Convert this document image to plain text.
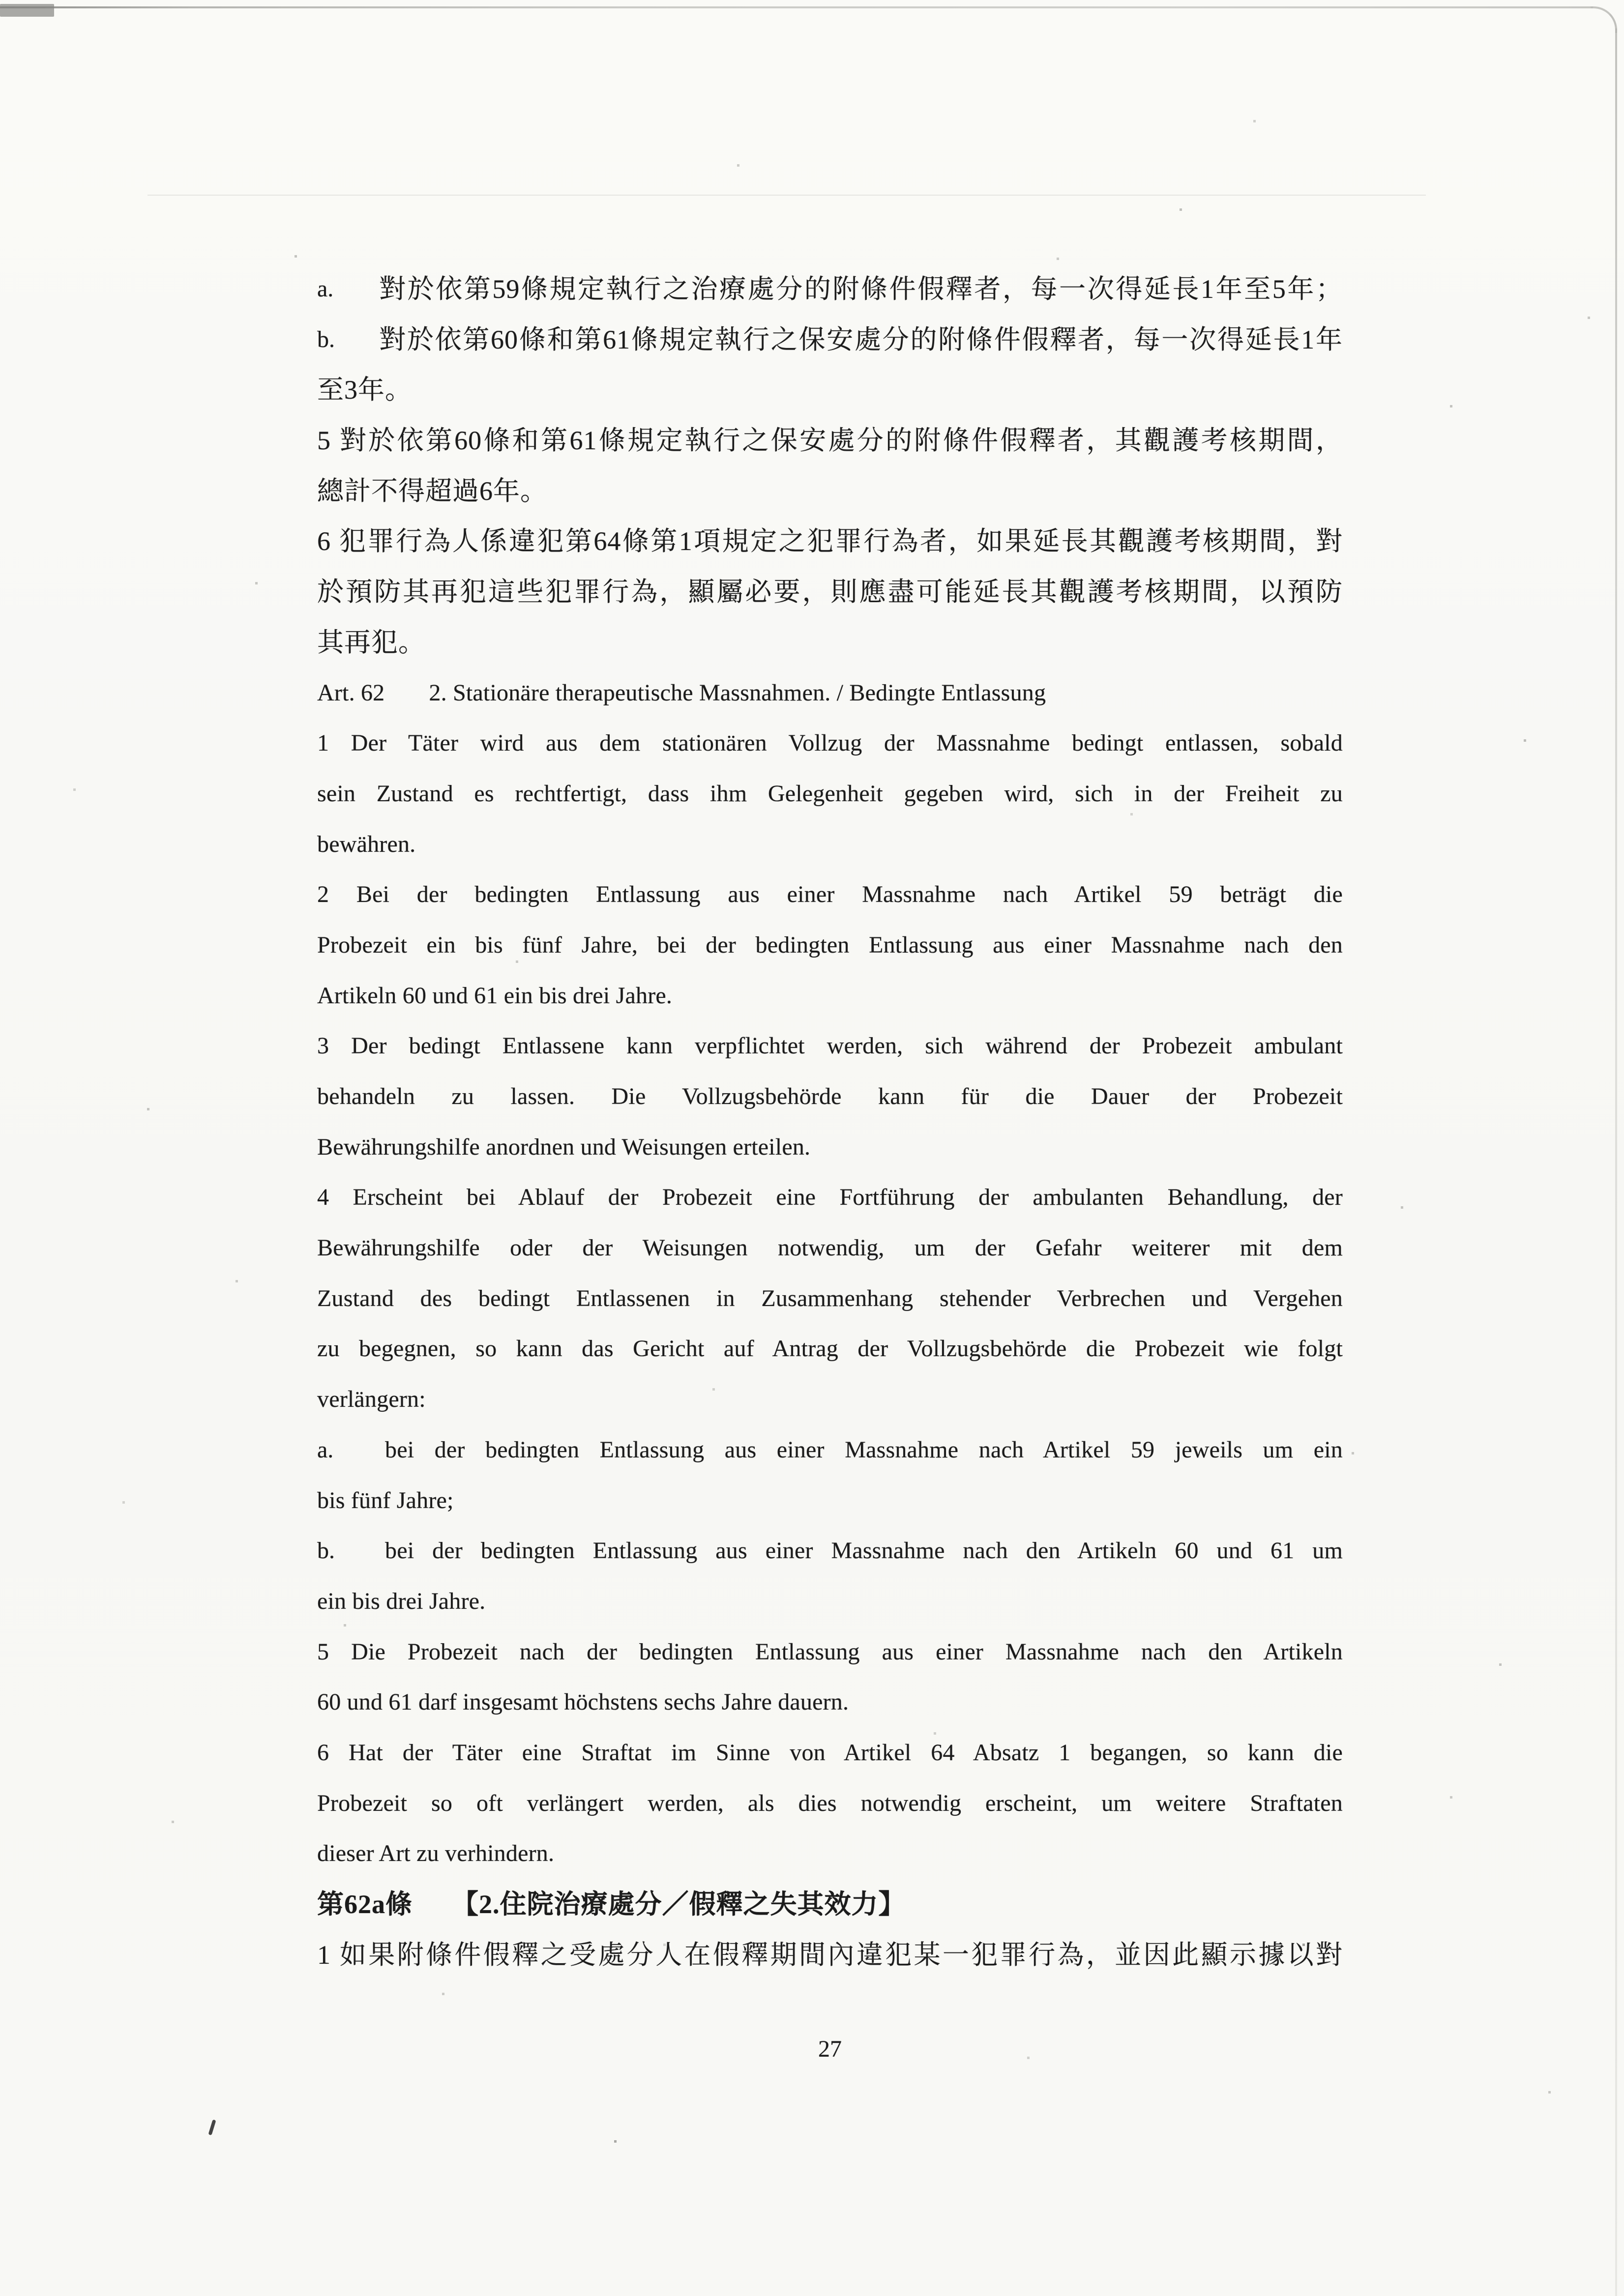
a. 對於依第59條規定執行之治療處分的附條件假釋者，每一次得延長1年至5年；
b. 對於依第60條和第61條規定執行之保安處分的附條件假釋者，每一次得延長1年
至3年。
5 對於依第60條和第61條規定執行之保安處分的附條件假釋者，其觀護考核期間，
總計不得超過6年。
6 犯罪行為人係違犯第64條第1項規定之犯罪行為者，如果延長其觀護考核期間，對
於預防其再犯這些犯罪行為，顯屬必要，則應盡可能延長其觀護考核期間，以預防
其再犯。
Art. 62 2. Stationäre therapeutische Massnahmen. / Bedingte Entlassung
1 Der Täter wird aus dem stationären Vollzug der Massnahme bedingt entlassen, sobald
sein Zustand es rechtfertigt, dass ihm Gelegenheit gegeben wird, sich in der Freiheit zu
bewähren.
2 Bei der bedingten Entlassung aus einer Massnahme nach Artikel 59 beträgt die
Probezeit ein bis fünf Jahre, bei der bedingten Entlassung aus einer Massnahme nach den
Artikeln 60 und 61 ein bis drei Jahre.
3 Der bedingt Entlassene kann verpflichtet werden, sich während der Probezeit ambulant
behandeln zu lassen. Die Vollzugsbehörde kann für die Dauer der Probezeit
Bewährungshilfe anordnen und Weisungen erteilen.
4 Erscheint bei Ablauf der Probezeit eine Fortführung der ambulanten Behandlung, der
Bewährungshilfe oder der Weisungen notwendig, um der Gefahr weiterer mit dem
Zustand des bedingt Entlassenen in Zusammenhang stehender Verbrechen und Vergehen
zu begegnen, so kann das Gericht auf Antrag der Vollzugsbehörde die Probezeit wie folgt
verlängern:
a. bei der bedingten Entlassung aus einer Massnahme nach Artikel 59 jeweils um ein
bis fünf Jahre;
b. bei der bedingten Entlassung aus einer Massnahme nach den Artikeln 60 und 61 um
ein bis drei Jahre.
5 Die Probezeit nach der bedingten Entlassung aus einer Massnahme nach den Artikeln
60 und 61 darf insgesamt höchstens sechs Jahre dauern.
6 Hat der Täter eine Straftat im Sinne von Artikel 64 Absatz 1 begangen, so kann die
Probezeit so oft verlängert werden, als dies notwendig erscheint, um weitere Straftaten
dieser Art zu verhindern.
第62a條 【2.住院治療處分／假釋之失其效力】
1 如果附條件假釋之受處分人在假釋期間內違犯某一犯罪行為，並因此顯示據以對
27
